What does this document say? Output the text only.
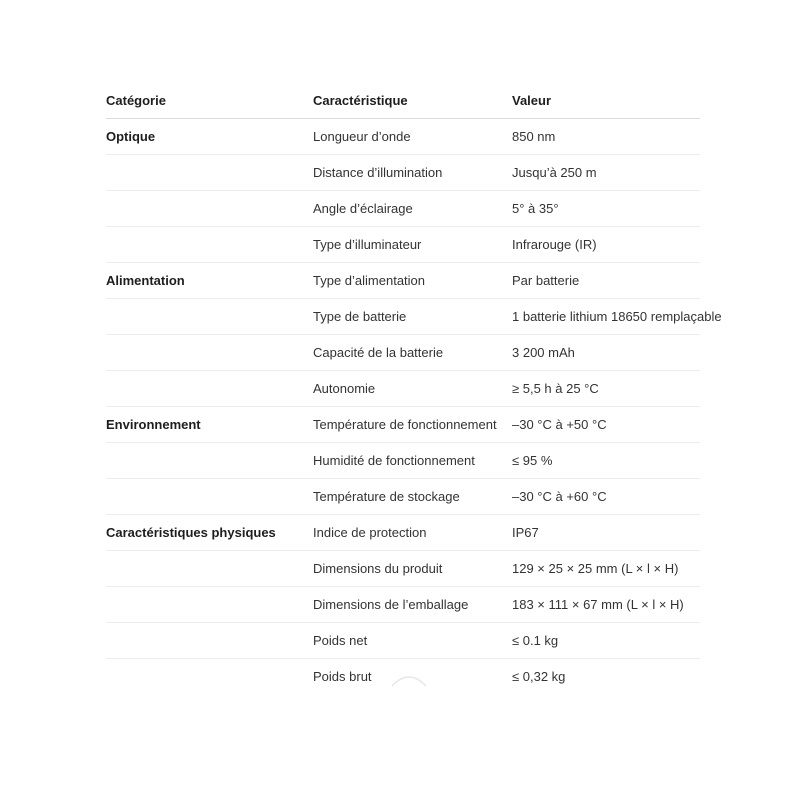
Catégorie	Caractéristique	Valeur
Optique	Longueur d’onde	850 nm
	Distance d’illumination	Jusqu’à 250 m
	Angle d’éclairage	5° à 35°
	Type d’illuminateur	Infrarouge (IR)
Alimentation	Type d’alimentation	Par batterie
	Type de batterie	1 batterie lithium 18650 remplaçable
	Capacité de la batterie	3 200 mAh
	Autonomie	≥ 5,5 h à 25 °C
Environnement	Température de fonctionnement	–30 °C à +50 °C
	Humidité de fonctionnement	≤ 95 %
	Température de stockage	–30 °C à +60 °C
Caractéristiques physiques	Indice de protection	IP67
	Dimensions du produit	129 × 25 × 25 mm (L × l × H)
	Dimensions de l’emballage	183 × 111 × 67 mm (L × l × H)
	Poids net	≤ 0.1 kg
	Poids brut	≤ 0,32 kg
